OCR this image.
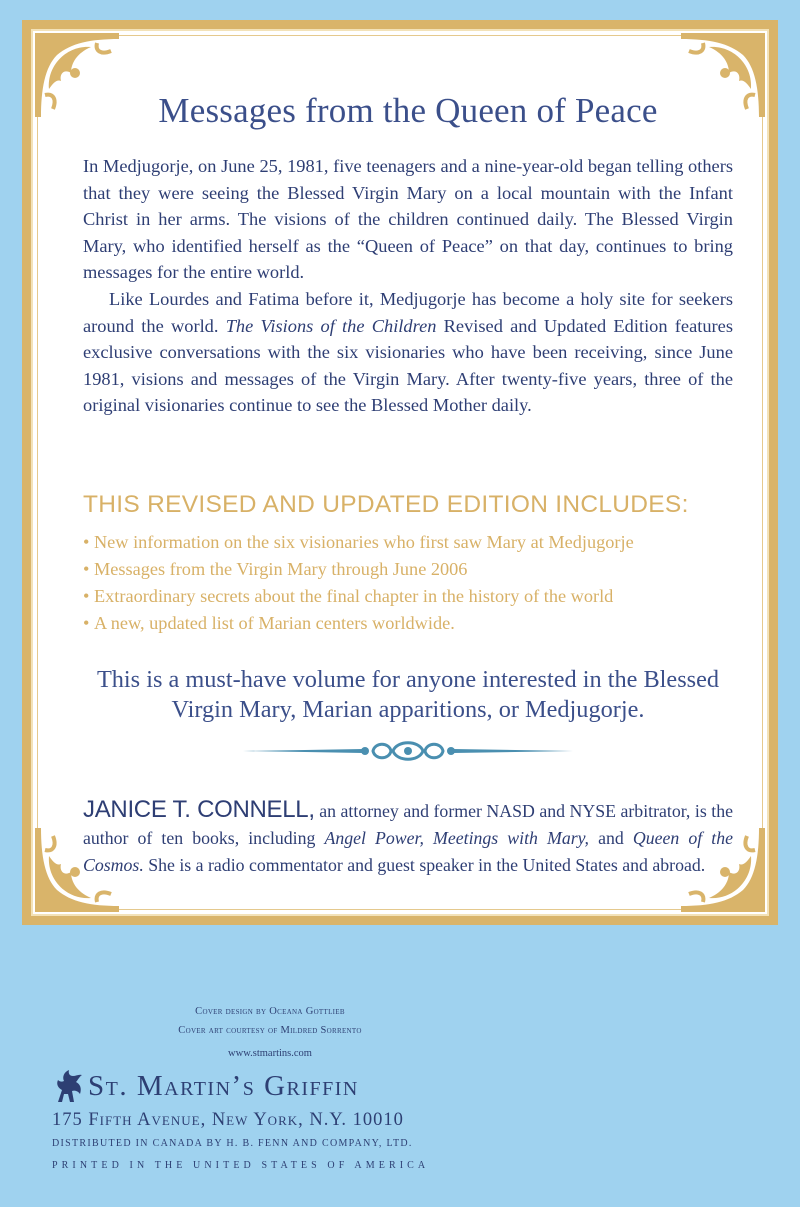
Messages from the Queen of Peace

In Medjugorje, on June 25, 1981, five teenagers and a nine-year-old began telling others that they were seeing the Blessed Virgin Mary on a local mountain with the Infant Christ in her arms. The visions of the children continued daily. The Blessed Virgin Mary, who identified herself as the “Queen of Peace” on that day, continues to bring messages for the entire world.

Like Lourdes and Fatima before it, Medjugorje has become a holy site for seekers around the world. The Visions of the Children Revised and Updated Edition features exclusive conversations with the six visionaries who have been receiving, since June 1981, visions and messages of the Virgin Mary. After twenty-five years, three of the original visionaries continue to see the Blessed Mother daily.

THIS REVISED AND UPDATED EDITION INCLUDES:
• New information on the six visionaries who first saw Mary at Medjugorje
• Messages from the Virgin Mary through June 2006
• Extraordinary secrets about the final chapter in the history of the world
• A new, updated list of Marian centers worldwide.

This is a must-have volume for anyone interested in the Blessed Virgin Mary, Marian apparitions, or Medjugorje.

JANICE T. CONNELL, an attorney and former NASD and NYSE arbitrator, is the author of ten books, including Angel Power, Meetings with Mary, and Queen of the Cosmos. She is a radio commentator and guest speaker in the United States and abroad.

Cover design by Oceana Gottlieb
Cover art courtesy of Mildred Sorrento
www.stmartins.com
St. Martin’s Griffin
175 Fifth Avenue, New York, N.Y. 10010
DISTRIBUTED IN CANADA BY H. B. FENN AND COMPANY, LTD.
PRINTED IN THE UNITED STATES OF AMERICA
